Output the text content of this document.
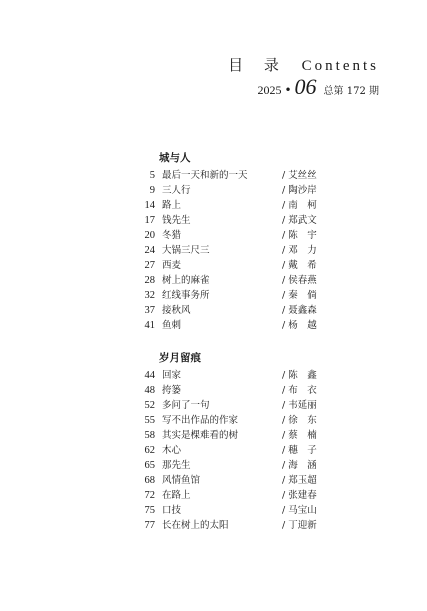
目 录 Contents
2025 • 06 总第 172 期
城与人
5 最后一天和新的一天	/ 艾丝丝
9 三人行	/ 陶沙岸
14 路上	/ 南　柯
17 钱先生	/ 郑武文
20 冬猎	/ 陈　宇
24 大锅三尺三	/ 邓　力
27 西麦	/ 戴　希
28 树上的麻雀	/ 侯春燕
32 红线事务所	/ 秦　倘
37 接秋风	/ 聂鑫森
41 鱼刺	/ 杨　越
岁月留痕
44 回家	/ 陈　鑫
48 挎篓	/ 布　衣
52 多问了一句	/ 韦延丽
55 写不出作品的作家	/ 徐　东
58 其实是棵难看的树	/ 蔡　楠
62 木心	/ 穗　子
65 那先生	/ 海　涵
68 风情鱼馆	/ 郑玉超
72 在路上	/ 张建春
75 口技	/ 马宝山
77 长在树上的太阳	/ 丁迎新
